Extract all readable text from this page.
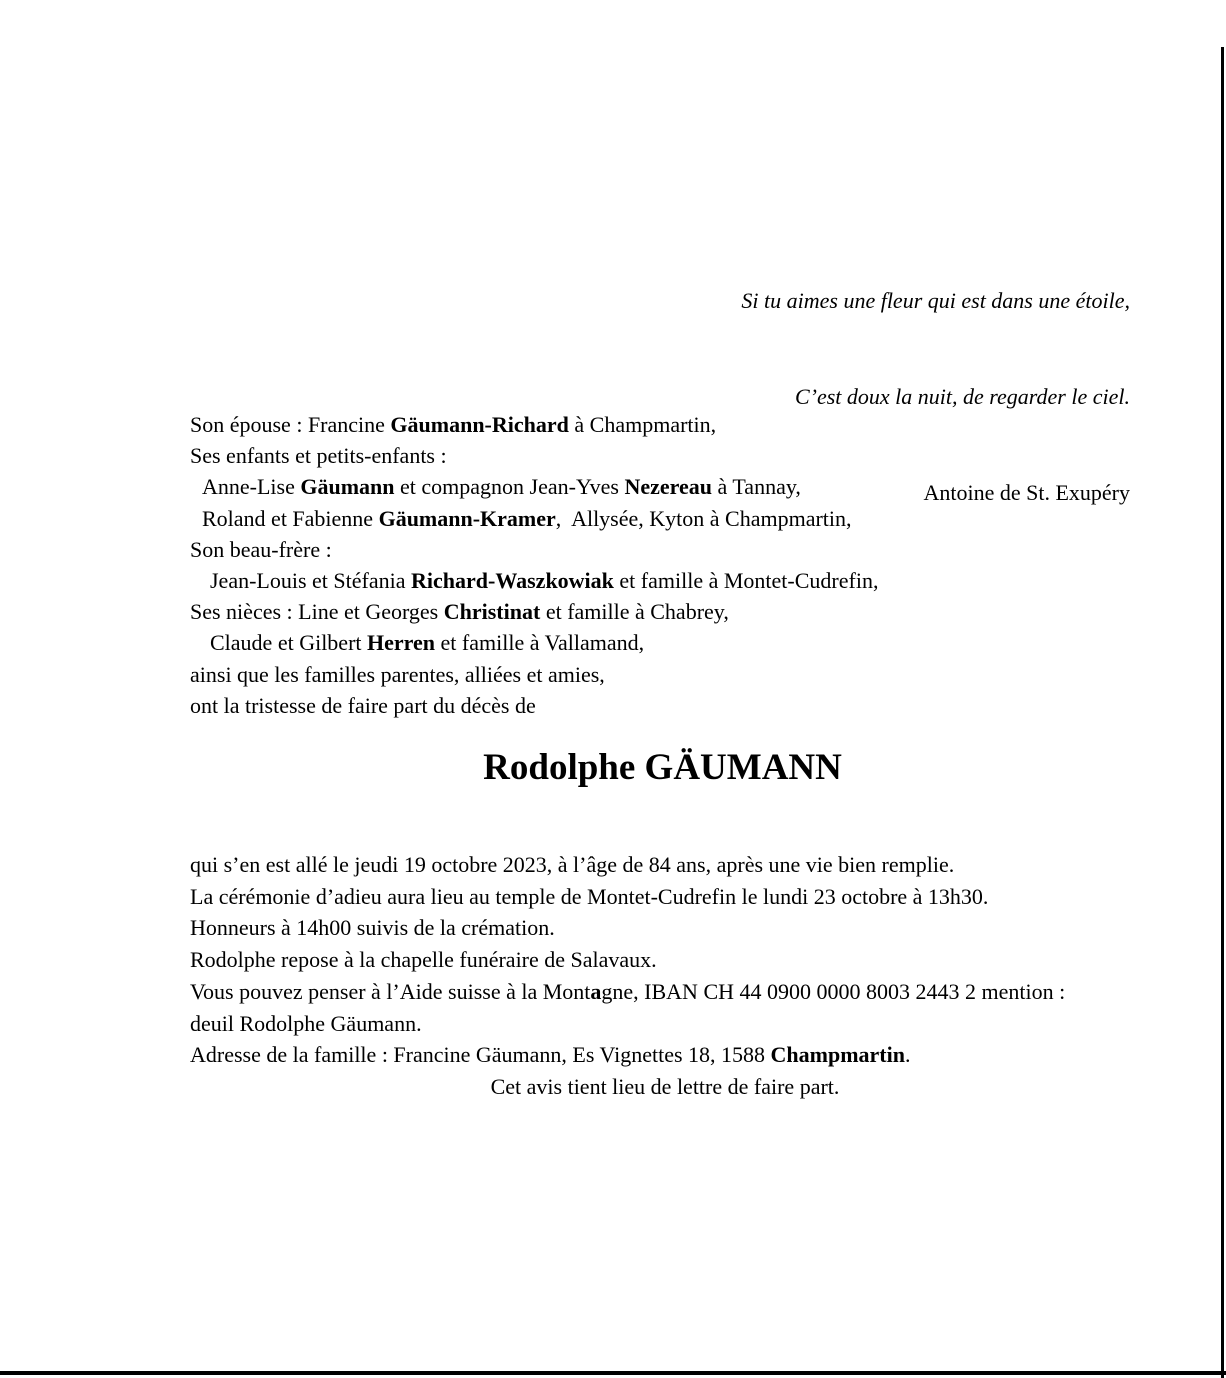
Si tu aimes une fleur qui est dans une étoile,

C’est doux la nuit, de regarder le ciel.

Antoine de St. Exupéry

Son épouse : Francine Gäumann-Richard à Champmartin,
Ses enfants et petits-enfants :
Anne-Lise Gäumann et compagnon Jean-Yves Nezereau à Tannay,
Roland et Fabienne Gäumann-Kramer,  Allysée, Kyton à Champmartin,
Son beau-frère :
Jean-Louis et Stéfania Richard-Waszkowiak et famille à Montet-Cudrefin,
Ses nièces : Line et Georges Christinat et famille à Chabrey,
Claude et Gilbert Herren et famille à Vallamand,
ainsi que les familles parentes, alliées et amies,
ont la tristesse de faire part du décès de
Rodolphe GÄUMANN
qui s’en est allé le jeudi 19 octobre 2023, à l’âge de 84 ans, après une vie bien remplie.
La cérémonie d’adieu aura lieu au temple de Montet-Cudrefin le lundi 23 octobre à 13h30.
Honneurs à 14h00 suivis de la crémation.
Rodolphe repose à la chapelle funéraire de Salavaux.
Vous pouvez penser à l’Aide suisse à la Montagne, IBAN CH 44 0900 0000 8003 2443 2 mention :
deuil Rodolphe Gäumann.
Adresse de la famille : Francine Gäumann, Es Vignettes 18, 1588 Champmartin.
Cet avis tient lieu de lettre de faire part.
